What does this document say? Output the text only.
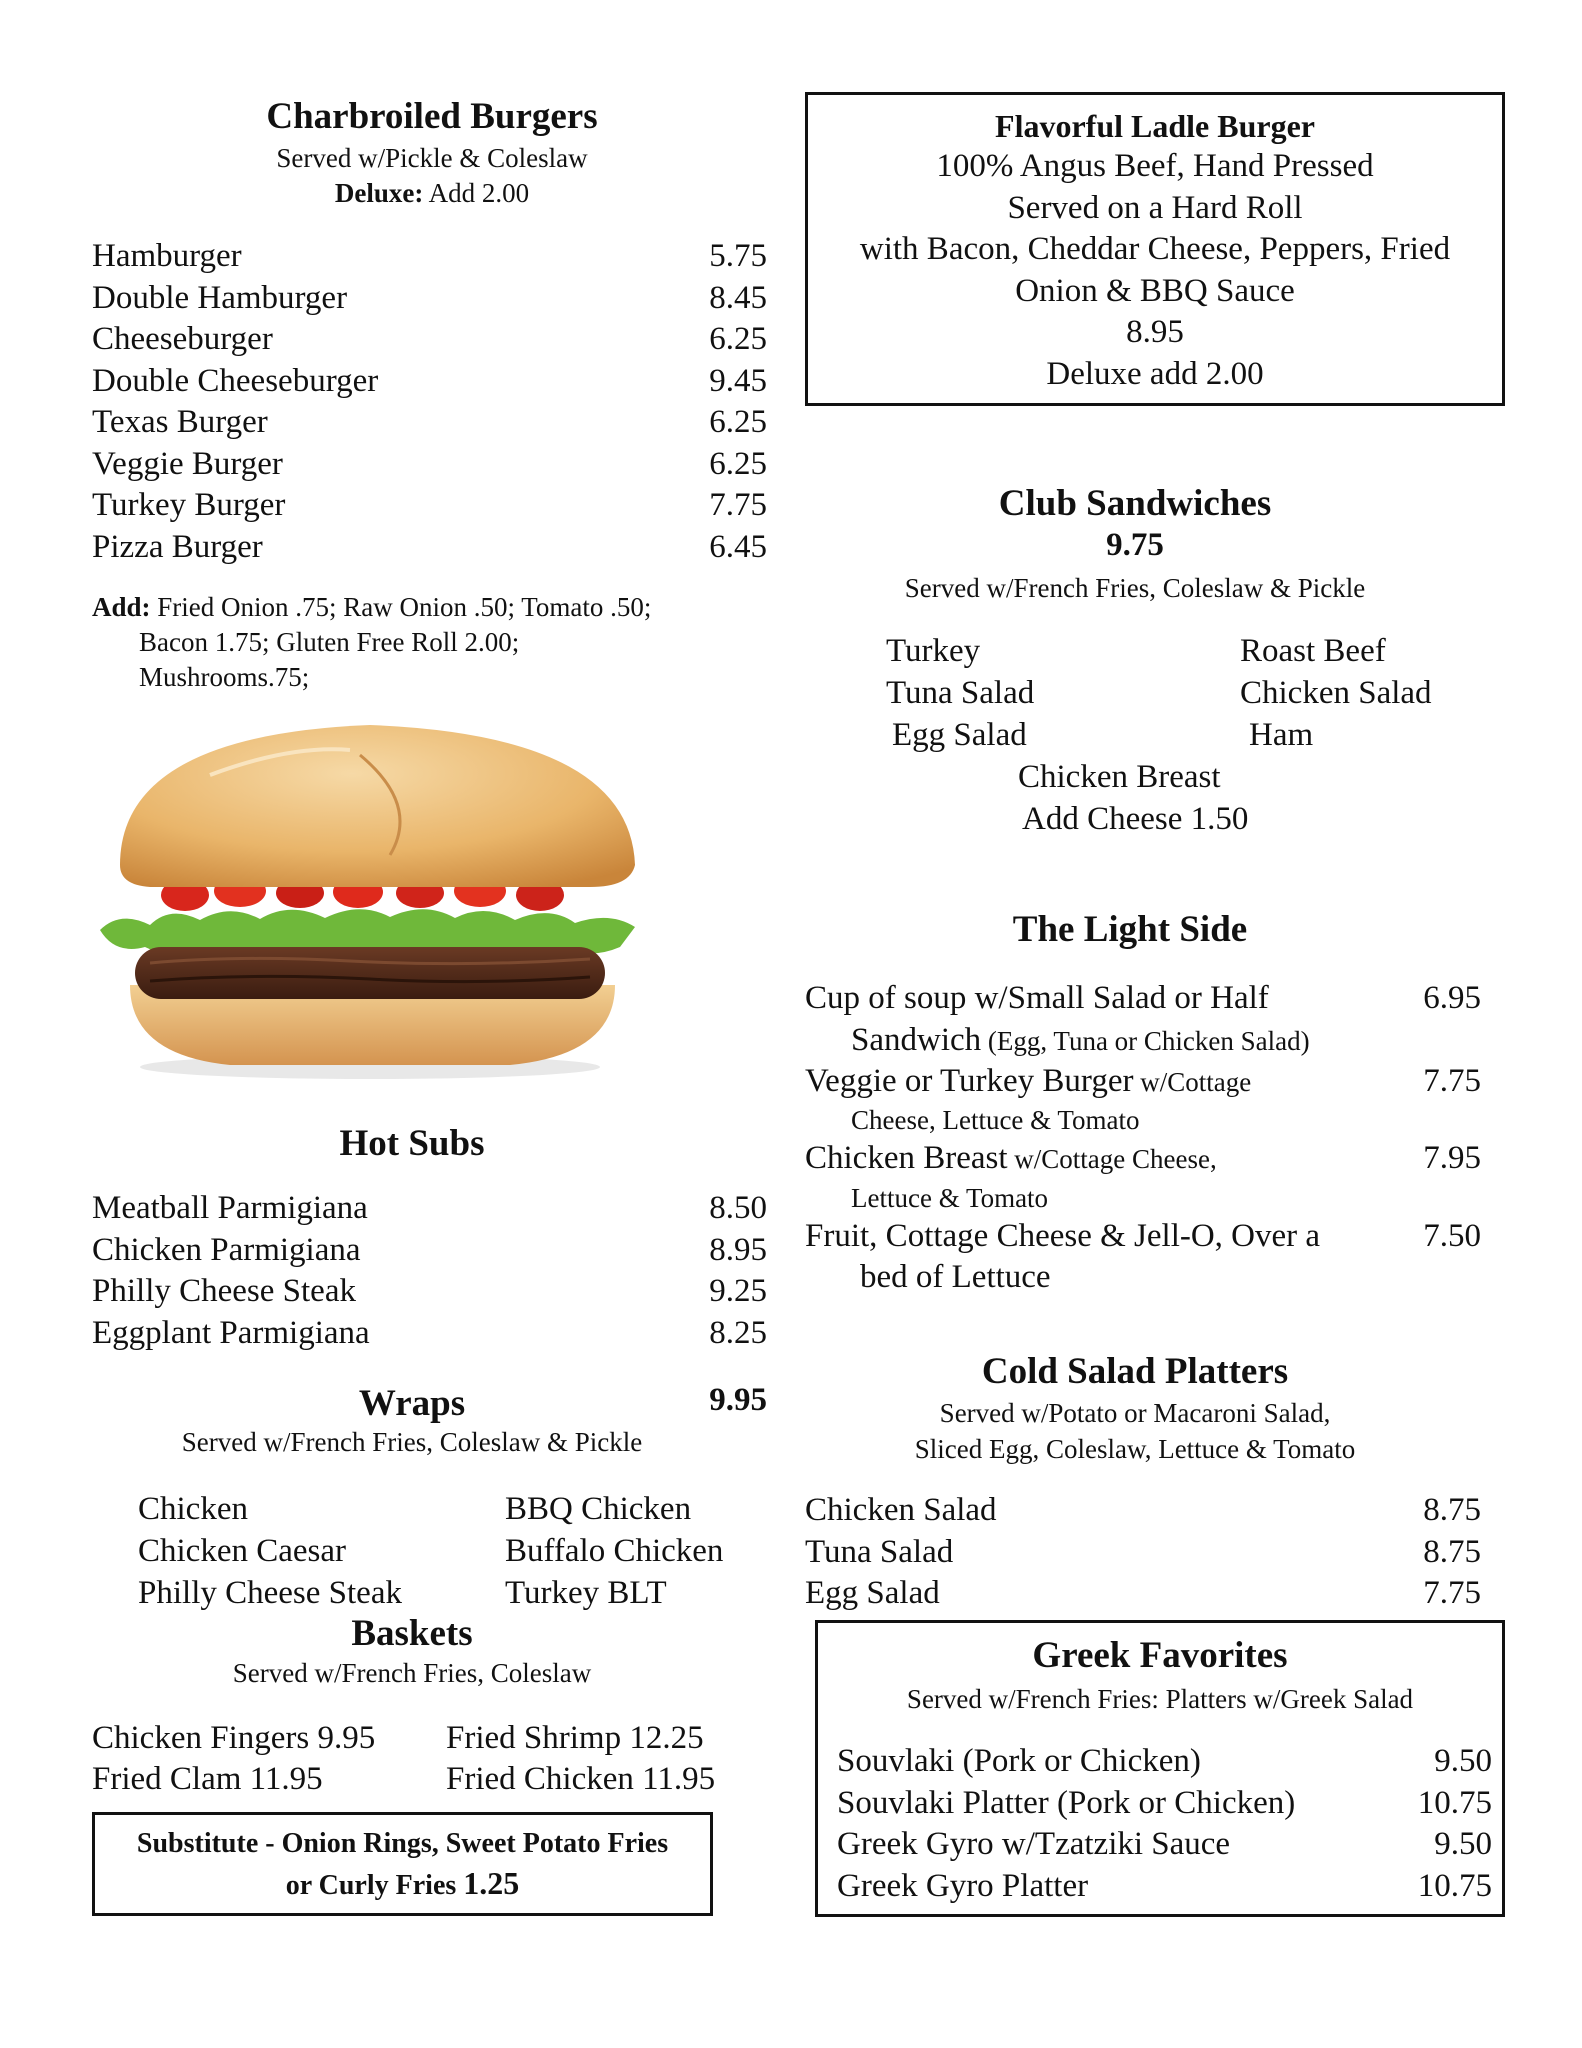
Charbroiled Burgers
Served w/Pickle & Coleslaw
Deluxe: Add 2.00
Hamburger	5.75
Double Hamburger	8.45
Cheeseburger	6.25
Double Cheeseburger	9.45
Texas Burger	6.25
Veggie Burger	6.25
Turkey Burger	7.75
Pizza Burger	6.45
Add: Fried Onion .75; Raw Onion .50; Tomato .50;
Bacon 1.75; Gluten Free Roll 2.00;
Mushrooms.75;
Hot Subs
Meatball Parmigiana	8.50
Chicken Parmigiana	8.95
Philly Cheese Steak	9.25
Eggplant Parmigiana	8.25
Wraps	9.95
Served w/French Fries, Coleslaw & Pickle
Chicken	BBQ Chicken
Chicken Caesar	Buffalo Chicken
Philly Cheese Steak	Turkey BLT
Baskets
Served w/French Fries, Coleslaw
Chicken Fingers 9.95	Fried Shrimp 12.25
Fried Clam 11.95	Fried Chicken 11.95
Substitute - Onion Rings, Sweet Potato Fries
or Curly Fries 1.25
Flavorful Ladle Burger
100% Angus Beef, Hand Pressed
Served on a Hard Roll
with Bacon, Cheddar Cheese, Peppers, Fried
Onion & BBQ Sauce
8.95
Deluxe add 2.00
Club Sandwiches
9.75
Served w/French Fries, Coleslaw & Pickle
Turkey	Roast Beef
Tuna Salad	Chicken Salad
Egg Salad	Ham
Chicken Breast
Add Cheese 1.50
The Light Side
Cup of soup w/Small Salad or Half	6.95
Sandwich (Egg, Tuna or Chicken Salad)
Veggie or Turkey Burger w/Cottage	7.75
Cheese, Lettuce & Tomato
Chicken Breast w/Cottage Cheese,	7.95
Lettuce & Tomato
Fruit, Cottage Cheese & Jell-O, Over a	7.50
bed of Lettuce
Cold Salad Platters
Served w/Potato or Macaroni Salad,
Sliced Egg, Coleslaw, Lettuce & Tomato
Chicken Salad	8.75
Tuna Salad	8.75
Egg Salad	7.75
Greek Favorites
Served w/French Fries: Platters w/Greek Salad
Souvlaki (Pork or Chicken)	9.50
Souvlaki Platter (Pork or Chicken)	10.75
Greek Gyro w/Tzatziki Sauce	9.50
Greek Gyro Platter	10.75
